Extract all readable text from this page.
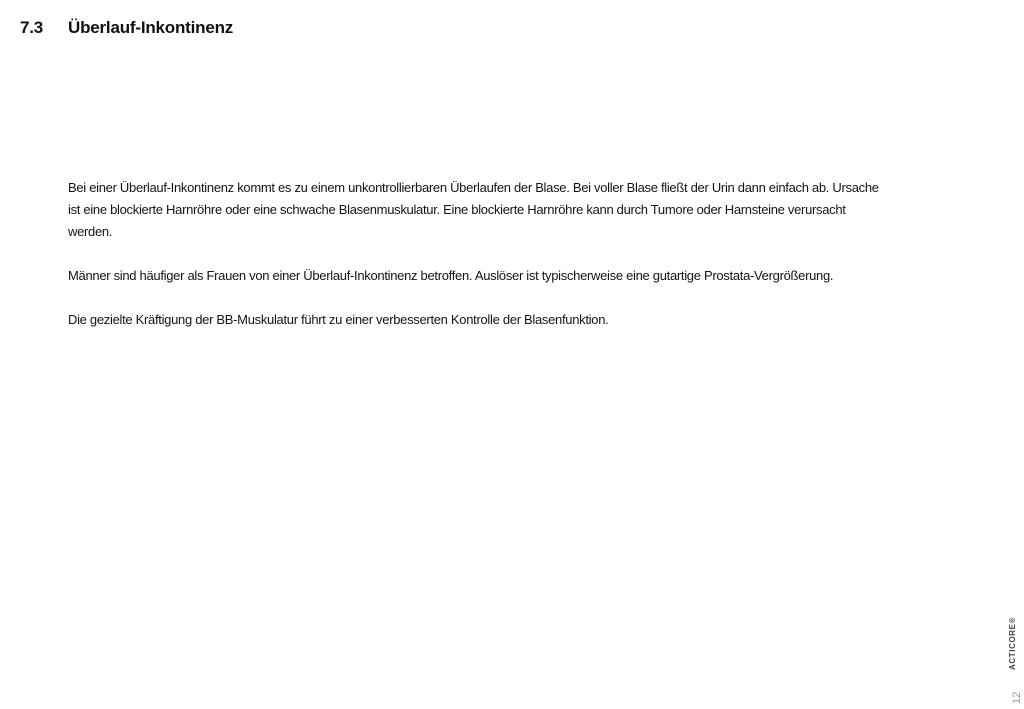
7.3	Überlauf-Inkontinenz

Bei einer Überlauf-Inkontinenz kommt es zu einem unkontrollierbaren Überlaufen der Blase. Bei voller Blase fließt der Urin dann einfach ab. Ursache ist eine blockierte Harnröhre oder eine schwache Blasenmuskulatur. Eine blockierte Harnröhre kann durch Tumore oder Harnsteine verursacht werden.

Männer sind häufiger als Frauen von einer Überlauf-Inkontinenz betroffen. Auslöser ist typischerweise eine gutartige Prostata-Vergrößerung.

Die gezielte Kräftigung der BB-Muskulatur führt zu einer verbesserten Kontrolle der Blasenfunktion.

ACTICORE®
12
